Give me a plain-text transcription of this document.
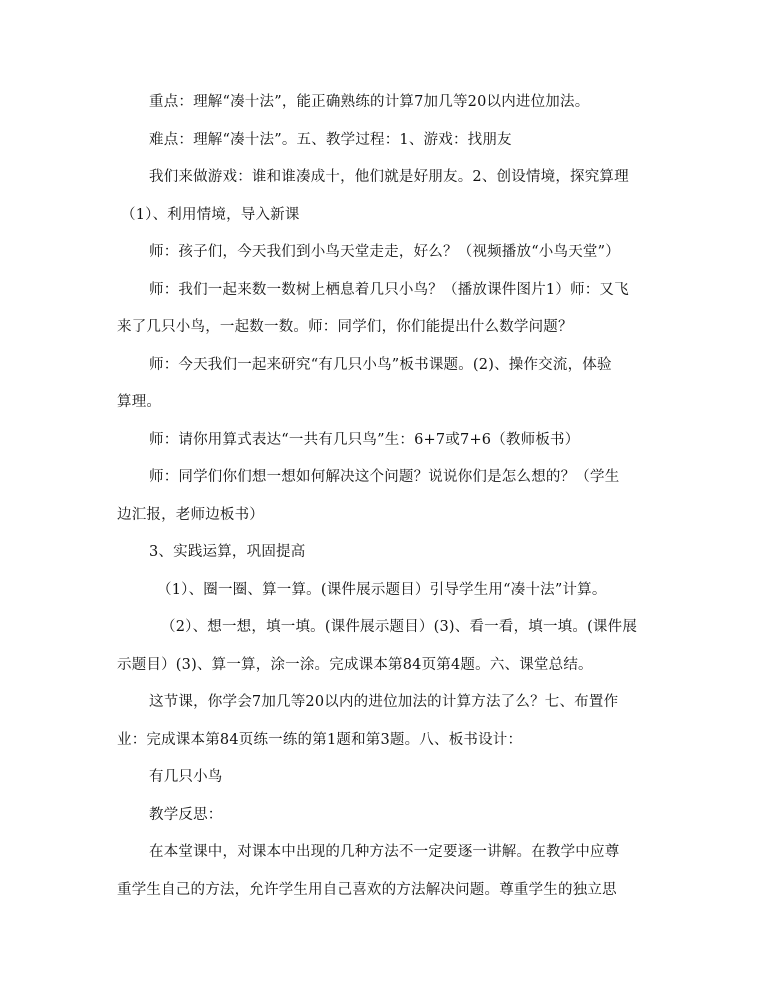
重点：理解“凑十法”，能正确熟练的计算7加几等20以内进位加法。
难点：理解“凑十法”。五、教学过程：1、游戏：找朋友
我们来做游戏：谁和谁凑成十，他们就是好朋友。2、创设情境，探究算理
（1）、利用情境，导入新课
师：孩子们，今天我们到小鸟天堂走走，好么？（视频播放“小鸟天堂”）
师：我们一起来数一数树上栖息着几只小鸟？（播放课件图片1）师：又飞
来了几只小鸟，一起数一数。师：同学们，你们能提出什么数学问题？
师：今天我们一起来研究“有几只小鸟”板书课题。(2)、操作交流，体验
算理。
师：请你用算式表达“一共有几只鸟”生：6+7或7+6（教师板书）
师：同学们你们想一想如何解决这个问题？说说你们是怎么想的？（学生
边汇报，老师边板书）
3、实践运算，巩固提高
（1）、圈一圈、算一算。(课件展示题目）引导学生用“凑十法”计算。
（2）、想一想，填一填。(课件展示题目）(3)、看一看，填一填。(课件展
示题目）(3)、算一算，涂一涂。完成课本第84页第4题。六、课堂总结。
这节课，你学会7加几等20以内的进位加法的计算方法了么？七、布置作
业：完成课本第84页练一练的第1题和第3题。八、板书设计：
有几只小鸟
教学反思：
在本堂课中，对课本中出现的几种方法不一定要逐一讲解。在教学中应尊
重学生自己的方法，允许学生用自己喜欢的方法解决问题。尊重学生的独立思
